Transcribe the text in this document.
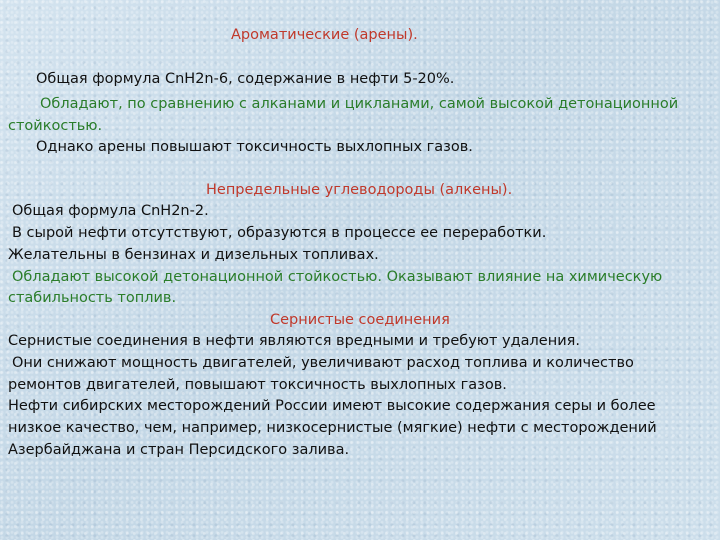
Ароматические (арены).
Общая формула CnH2n-6, содержание в нефти 5-20%.
Обладают, по сравнению с алканами и цикланами, самой высокой детонационной
стойкостью.
Однако арены повышают токсичность выхлопных газов.
Непредельные углеводороды (алкены).
Общая формула CnH2n-2.
В сырой нефти отсутствуют, образуются в процессе ее переработки.
Желательны в бензинах и дизельных топливах.
Обладают высокой детонационной стойкостью. Оказывают влияние на химическую
стабильность топлив.
Сернистые соединения
Сернистые соединения в нефти являются вредными и требуют удаления.
Они снижают мощность двигателей, увеличивают расход топлива и количество
ремонтов двигателей, повышают токсичность выхлопных газов.
Нефти сибирских месторождений России имеют высокие содержания серы и более
низкое качество, чем, например, низкосернистые (мягкие) нефти с месторождений
Азербайджана и стран Персидского залива.
